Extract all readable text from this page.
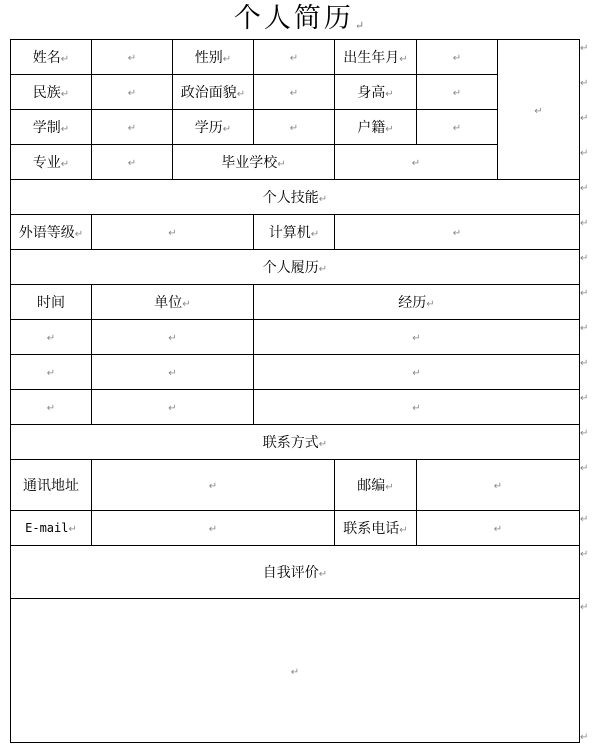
个人简历↵
姓名↵	↵	性别↵	↵	出生年月↵	↵	↵
民族↵	↵	政治面貌↵	↵	身高↵	↵	
学制↵	↵	学历↵	↵	户籍↵	↵	
专业↵	↵	毕业学校↵		↵		
个人技能↵						
外语等级↵	↵		计算机↵	↵		
个人履历↵						
时间	单位↵		经历↵			
↵	↵		↵			
↵	↵		↵			
↵	↵		↵			
联系方式↵						
通讯地址	↵			邮编↵	↵	
E-mail↵	↵			联系电话↵	↵	
自我评价↵						
↵						
↵
↵
↵
↵
↵
↵
↵
↵
↵
↵
↵
↵
↵
↵
↵
↵
↵
